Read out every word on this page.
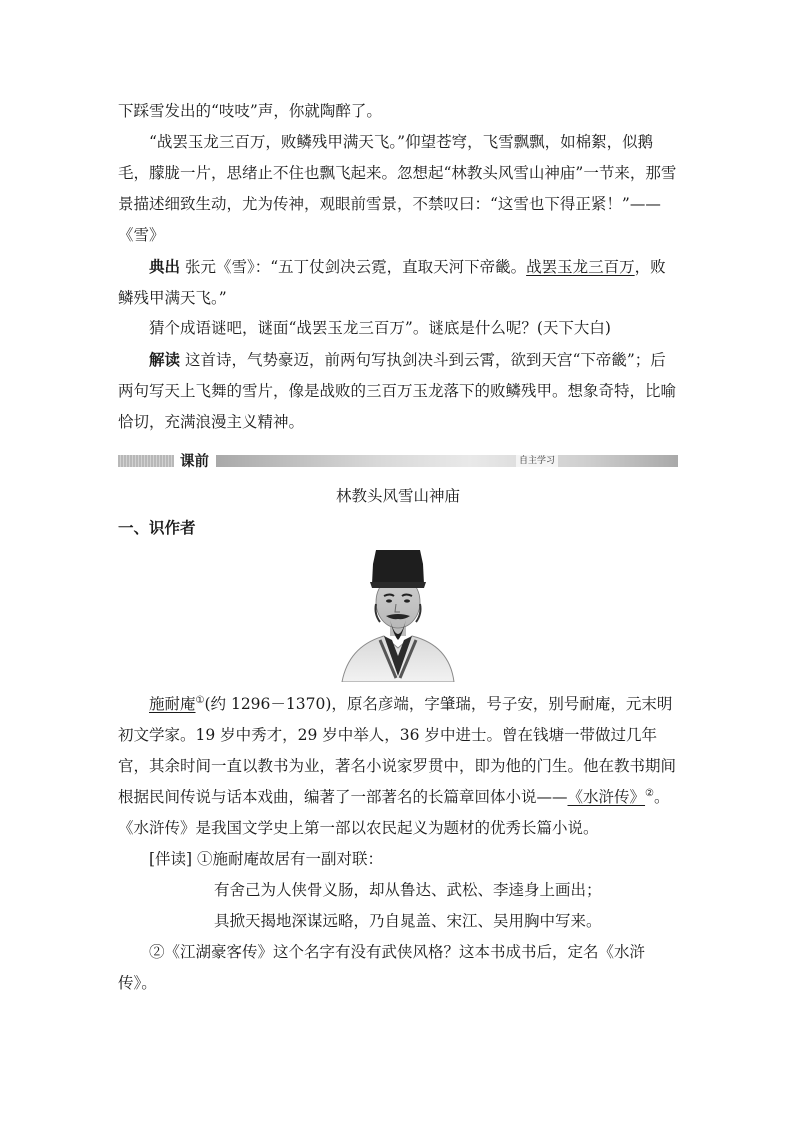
下踩雪发出的“吱吱”声，你就陶醉了。

“战罢玉龙三百万，败鳞残甲满天飞。”仰望苍穹，飞雪飘飘，如棉絮，似鹅毛，朦胧一片，思绪止不住也飘飞起来。忽想起“林教头风雪山神庙”一节来，那雪景描述细致生动，尤为传神，观眼前雪景，不禁叹曰：“这雪也下得正紧！”——《雪》

典出 张元《雪》：“五丁仗剑决云霓，直取天河下帝畿。战罢玉龙三百万，败鳞残甲满天飞。”

猜个成语谜吧，谜面“战罢玉龙三百万”。谜底是什么呢？(天下大白)

解读 这首诗，气势豪迈，前两句写执剑决斗到云霄，欲到天宫“下帝畿”；后两句写天上飞舞的雪片，像是战败的三百万玉龙落下的败鳞残甲。想象奇特，比喻恰切，充满浪漫主义精神。

课前	自主学习

林教头风雪山神庙

一、识作者

施耐庵①(约 1296－1370)，原名彦端，字肇瑞，号子安，别号耐庵，元末明初文学家。19 岁中秀才，29 岁中举人，36 岁中进士。曾在钱塘一带做过几年官，其余时间一直以教书为业，著名小说家罗贯中，即为他的门生。他在教书期间根据民间传说与话本戏曲，编著了一部著名的长篇章回体小说——《水浒传》②。《水浒传》是我国文学史上第一部以农民起义为题材的优秀长篇小说。

[伴读] ①施耐庵故居有一副对联：

有舍己为人侠骨义肠，却从鲁达、武松、李逵身上画出；

具掀天揭地深谋远略，乃自晁盖、宋江、吴用胸中写来。

②《江湖豪客传》这个名字有没有武侠风格？这本书成书后，定名《水浒传》。
